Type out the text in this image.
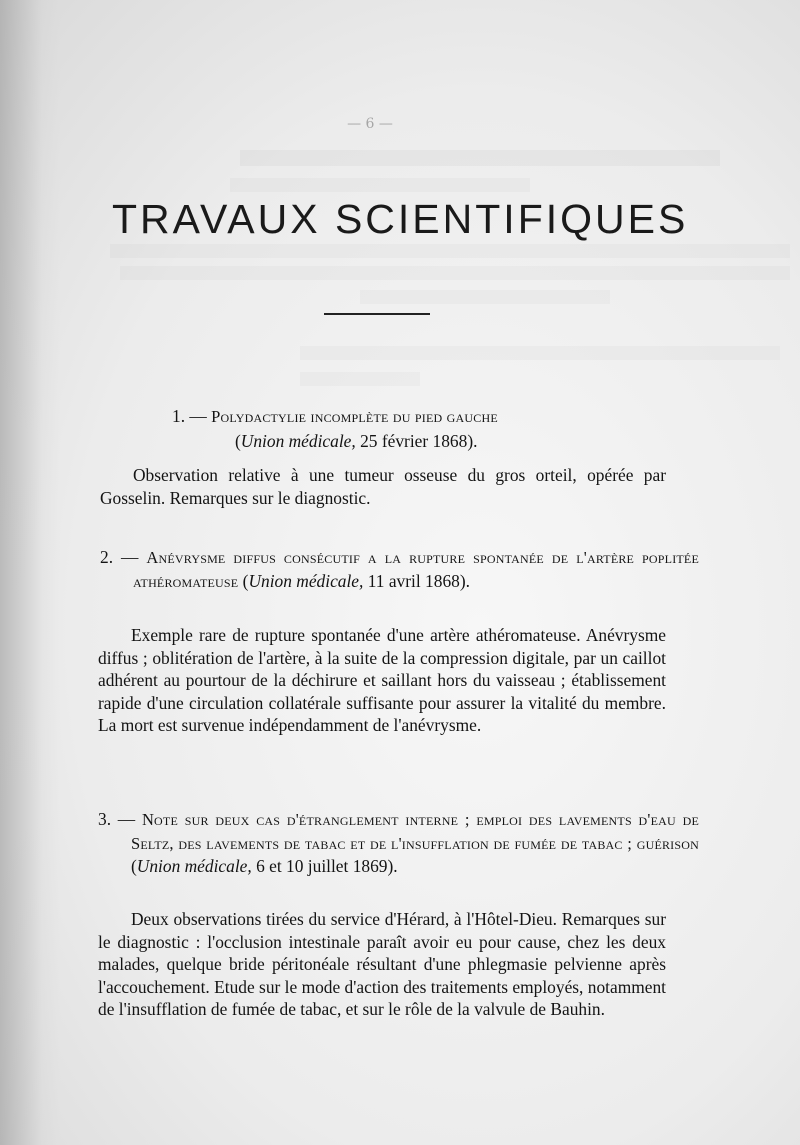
— 6 —
TRAVAUX SCIENTIFIQUES
1. — Polydactylie incomplète du pied gauche
(Union médicale, 25 février 1868).
Observation relative à une tumeur osseuse du gros orteil, opérée par Gosselin. Remarques sur le diagnostic.
2. — Anévrysme diffus consécutif a la rupture spontanée de l'artère poplitée athéromateuse (Union médicale, 11 avril 1868).
Exemple rare de rupture spontanée d'une artère athéromateuse. Anévrysme diffus ; oblitération de l'artère, à la suite de la compression digitale, par un caillot adhérent au pourtour de la déchirure et saillant hors du vaisseau ; établissement rapide d'une circulation collatérale suffisante pour assurer la vitalité du membre. La mort est survenue indépendamment de l'anévrysme.
3. — Note sur deux cas d'étranglement interne ; emploi des lavements d'eau de Seltz, des lavements de tabac et de l'insufflation de fumée de tabac ; guérison (Union médicale, 6 et 10 juillet 1869).
Deux observations tirées du service d'Hérard, à l'Hôtel-Dieu. Remarques sur le diagnostic : l'occlusion intestinale paraît avoir eu pour cause, chez les deux malades, quelque bride péritonéale résultant d'une phlegmasie pelvienne après l'accouchement. Etude sur le mode d'action des traitements employés, notamment de l'insufflation de fumée de tabac, et sur le rôle de la valvule de Bauhin.
